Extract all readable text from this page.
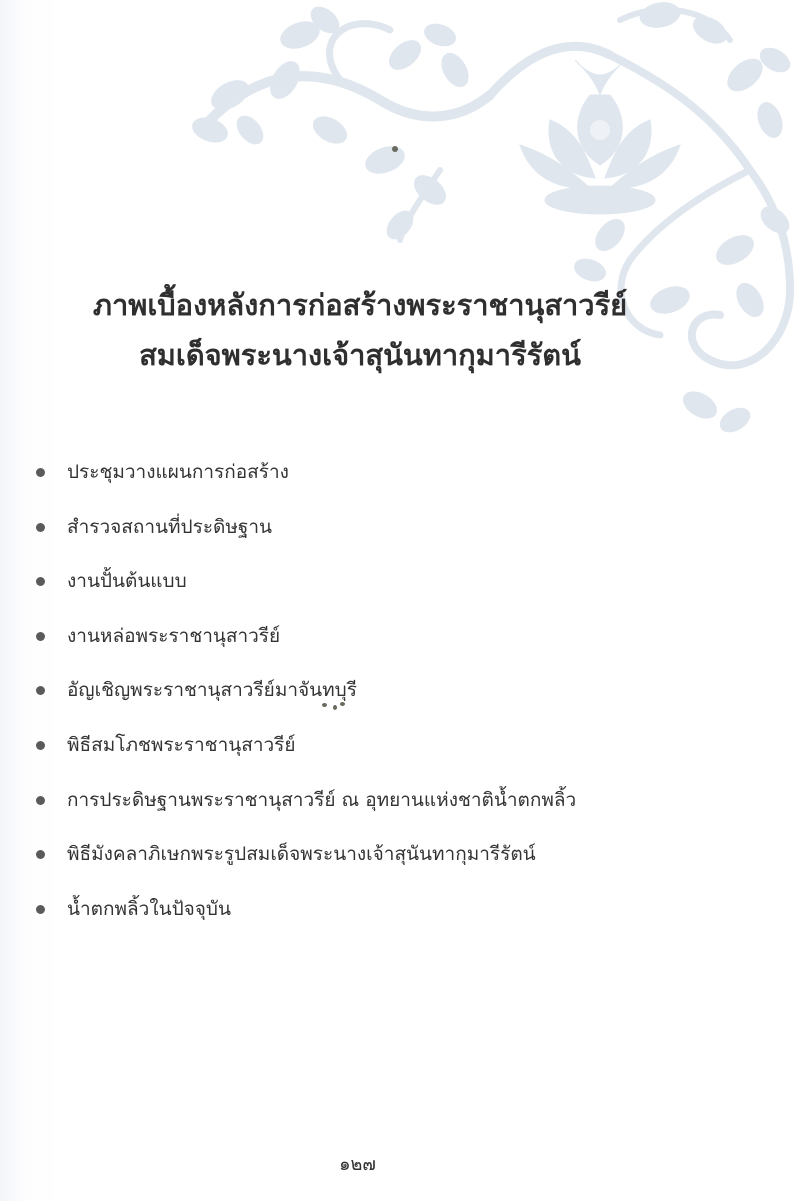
ภาพเบื้องหลังการก่อสร้างพระราชานุสาวรีย์
สมเด็จพระนางเจ้าสุนันทากุมารีรัตน์
ประชุมวางแผนการก่อสร้าง
สำรวจสถานที่ประดิษฐาน
งานปั้นต้นแบบ
งานหล่อพระราชานุสาวรีย์
อัญเชิญพระราชานุสาวรีย์มาจันทบุรี
พิธีสมโภชพระราชานุสาวรีย์
การประดิษฐานพระราชานุสาวรีย์ ณ อุทยานแห่งชาติน้ำตกพลิ้ว
พิธีมังคลาภิเษกพระรูปสมเด็จพระนางเจ้าสุนันทากุมารีรัตน์
น้ำตกพลิ้วในปัจจุบัน
๑๒๗
